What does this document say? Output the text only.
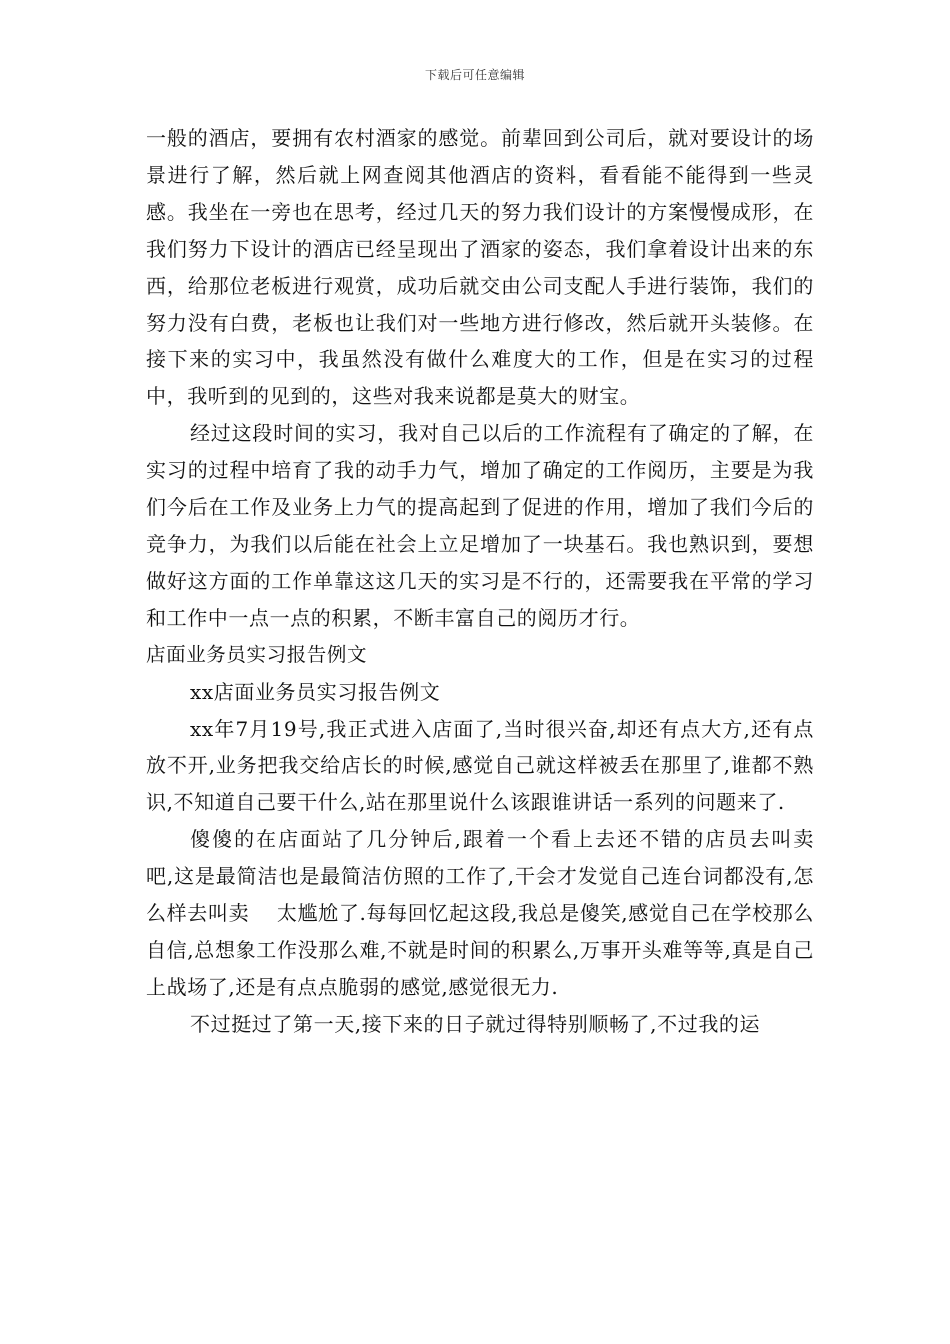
下载后可任意编辑

一般的酒店，要拥有农村酒家的感觉。前辈回到公司后，就对要设计的场景进行了解，然后就上网查阅其他酒店的资料，看看能不能得到一些灵感。我坐在一旁也在思考，经过几天的努力我们设计的方案慢慢成形，在我们努力下设计的酒店已经呈现出了酒家的姿态，我们拿着设计出来的东西，给那位老板进行观赏，成功后就交由公司支配人手进行装饰，我们的努力没有白费，老板也让我们对一些地方进行修改，然后就开头装修。在接下来的实习中，我虽然没有做什么难度大的工作，但是在实习的过程中，我听到的见到的，这些对我来说都是莫大的财宝。

经过这段时间的实习，我对自己以后的工作流程有了确定的了解，在实习的过程中培育了我的动手力气，增加了确定的工作阅历，主要是为我们今后在工作及业务上力气的提高起到了促进的作用，增加了我们今后的竞争力，为我们以后能在社会上立足增加了一块基石。我也熟识到，要想做好这方面的工作单靠这这几天的实习是不行的，还需要我在平常的学习和工作中一点一点的积累，不断丰富自己的阅历才行。

店面业务员实习报告例文

xx店面业务员实习报告例文

xx年7月19号,我正式进入店面了,当时很兴奋,却还有点大方,还有点放不开,业务把我交给店长的时候,感觉自己就这样被丢在那里了,谁都不熟识,不知道自己要干什么,站在那里说什么该跟谁讲话一系列的问题来了.

傻傻的在店面站了几分钟后,跟着一个看上去还不错的店员去叫卖　 吧,这是最简洁也是最简洁仿照的工作了,干会才发觉自己连台词都没有,怎么样去叫卖　 太尴尬了.每每回忆起这段,我总是傻笑,感觉自己在学校那么自信,总想象工作没那么难,不就是时间的积累么,万事开头难等等,真是自己上战场了,还是有点点脆弱的感觉,感觉很无力.

不过挺过了第一天,接下来的日子就过得特别顺畅了,不过我的运
